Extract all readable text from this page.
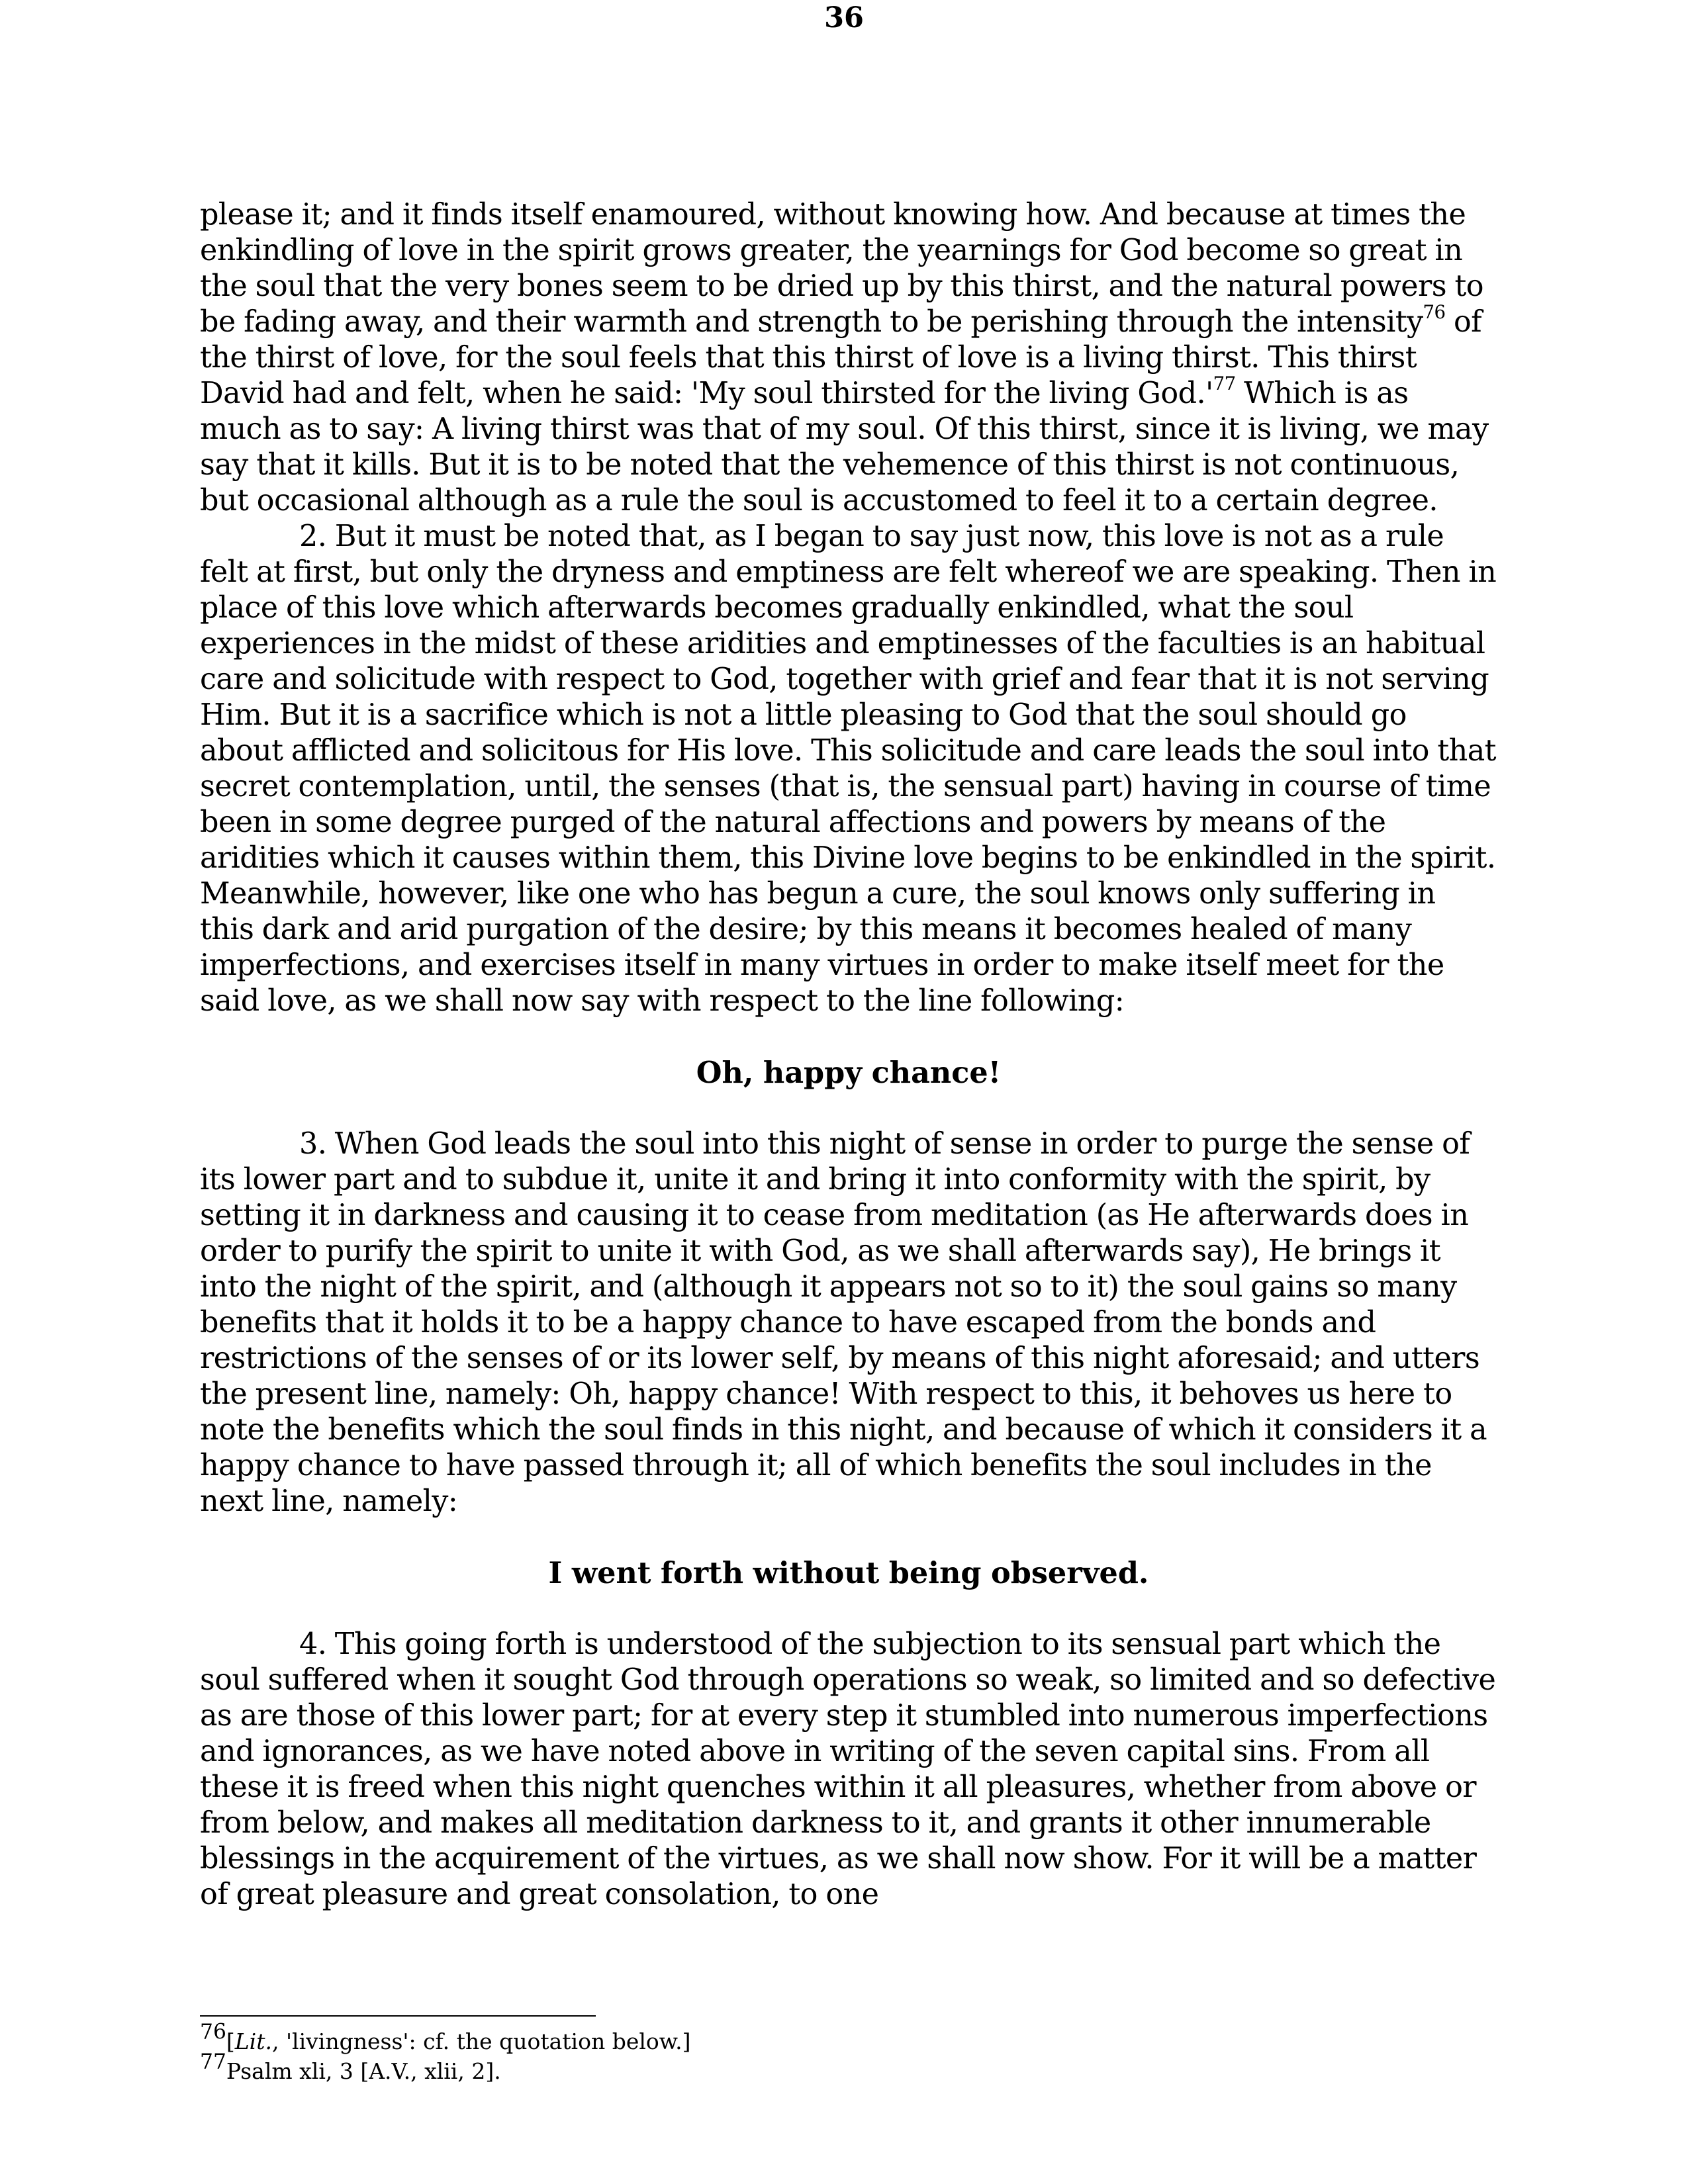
36

please it; and it finds itself enamoured, without knowing how. And because at times the enkindling of love in the spirit grows greater, the yearnings for God become so great in the soul that the very bones seem to be dried up by this thirst, and the natural powers to be fading away, and their warmth and strength to be perishing through the intensity$^{76}$ of the thirst of love, for the soul feels that this thirst of love is a living thirst. This thirst David had and felt, when he said: 'My soul thirsted for the living $God.'^{77}$ Which is as much as to say: A living thirst was that of my soul. Of this thirst, since it is living, we may say that it kills. But it is to be noted that the vehemence of this thirst is not continuous, but occasional although as a rule the soul is accustomed to feel it to a certain degree.

2. But it must be noted that, as I began to say just now, this love is not as a rule felt at first, but only the dryness and emptiness are felt whereof we are speaking. Then in place of this love which afterwards becomes gradually enkindled, what the soul experiences in the midst of these aridities and emptinesses of the faculties is an habitual care and solicitude with respect to God, together with grief and fear that it is not serving Him. But it is a sacrifice which is not a little pleasing to God that the soul should go about afflicted and solicitous for His love. This solicitude and care leads the soul into that secret contemplation, until, the senses (that is, the sensual part) having in course of time been in some degree purged of the natural affections and powers by means of the aridities which it causes within them, this Divine love begins to be enkindled in the spirit. Meanwhile, however, like one who has begun a cure, the soul knows only suffering in this dark and arid purgation of the desire; by this means it becomes healed of many imperfections, and exercises itself in many virtues in order to make itself meet for the said love, as we shall now say with respect to the line following:

Oh, happy chance!

3. When God leads the soul into this night of sense in order to purge the sense of its lower part and to subdue it, unite it and bring it into conformity with the spirit, by setting it in darkness and causing it to cease from meditation (as He afterwards does in order to purify the spirit to unite it with God, as we shall afterwards say), He brings it into the night of the spirit, and (although it appears not so to it) the soul gains so many benefits that it holds it to be a happy chance to have escaped from the bonds and restrictions of the senses of or its lower self, by means of this night aforesaid; and utters the present line, namely: Oh, happy chance! With respect to this, it behoves us here to note the benefits which the soul finds in this night, and because of which it considers it a happy chance to have passed through it; all of which benefits the soul includes in the next line, namely:

I went forth without being observed.

4. This going forth is understood of the subjection to its sensual part which the soul suffered when it sought God through operations so weak, so limited and so defective as are those of this lower part; for at every step it stumbled into numerous imperfections and ignorances, as we have noted above in writing of the seven capital sins. From all these it is freed when this night quenches within it all pleasures, whether from above or from below, and makes all meditation darkness to it, and grants it other innumerable blessings in the acquirement of the virtues, as we shall now show. For it will be a matter of great pleasure and great consolation, to one

$^{76}$[Lit., 'livingness': cf. the quotation below.]

$^{77}$Psalm xli, 3 [A.V., xlii, 2].
